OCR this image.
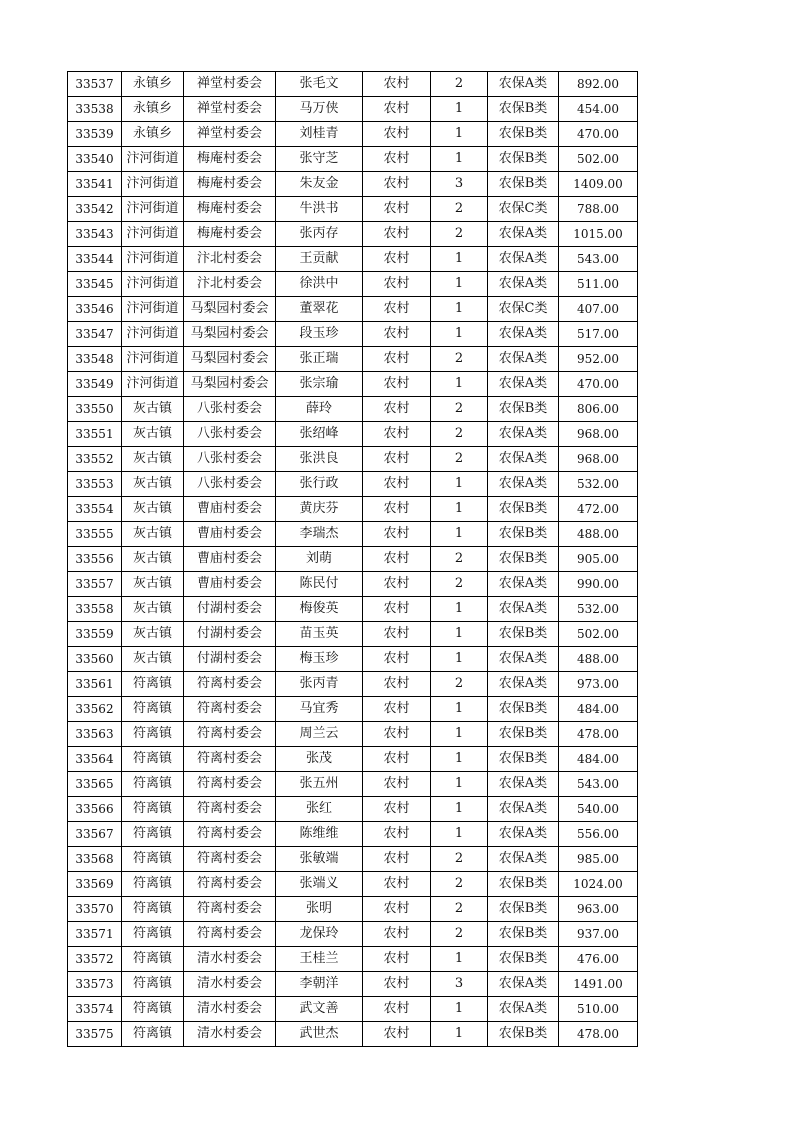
33537	永镇乡	禅堂村委会	张毛文	农村	2	农保A类	892.00
33538	永镇乡	禅堂村委会	马万侠	农村	1	农保B类	454.00
33539	永镇乡	禅堂村委会	刘桂青	农村	1	农保B类	470.00
33540	汴河街道	梅庵村委会	张守芝	农村	1	农保B类	502.00
33541	汴河街道	梅庵村委会	朱友金	农村	3	农保B类	1409.00
33542	汴河街道	梅庵村委会	牛洪书	农村	2	农保C类	788.00
33543	汴河街道	梅庵村委会	张丙存	农村	2	农保A类	1015.00
33544	汴河街道	汴北村委会	王贡献	农村	1	农保A类	543.00
33545	汴河街道	汴北村委会	徐洪中	农村	1	农保A类	511.00
33546	汴河街道	马梨园村委会	董翠花	农村	1	农保C类	407.00
33547	汴河街道	马梨园村委会	段玉珍	农村	1	农保A类	517.00
33548	汴河街道	马梨园村委会	张正瑞	农村	2	农保A类	952.00
33549	汴河街道	马梨园村委会	张宗瑜	农村	1	农保A类	470.00
33550	灰古镇	八张村委会	薛玲	农村	2	农保B类	806.00
33551	灰古镇	八张村委会	张绍峰	农村	2	农保A类	968.00
33552	灰古镇	八张村委会	张洪良	农村	2	农保A类	968.00
33553	灰古镇	八张村委会	张行政	农村	1	农保A类	532.00
33554	灰古镇	曹庙村委会	黄庆芬	农村	1	农保B类	472.00
33555	灰古镇	曹庙村委会	李瑞杰	农村	1	农保B类	488.00
33556	灰古镇	曹庙村委会	刘萌	农村	2	农保B类	905.00
33557	灰古镇	曹庙村委会	陈民付	农村	2	农保A类	990.00
33558	灰古镇	付湖村委会	梅俊英	农村	1	农保A类	532.00
33559	灰古镇	付湖村委会	苗玉英	农村	1	农保B类	502.00
33560	灰古镇	付湖村委会	梅玉珍	农村	1	农保A类	488.00
33561	符离镇	符离村委会	张丙青	农村	2	农保A类	973.00
33562	符离镇	符离村委会	马宜秀	农村	1	农保B类	484.00
33563	符离镇	符离村委会	周兰云	农村	1	农保B类	478.00
33564	符离镇	符离村委会	张茂	农村	1	农保B类	484.00
33565	符离镇	符离村委会	张五州	农村	1	农保A类	543.00
33566	符离镇	符离村委会	张红	农村	1	农保A类	540.00
33567	符离镇	符离村委会	陈维维	农村	1	农保A类	556.00
33568	符离镇	符离村委会	张敏端	农村	2	农保A类	985.00
33569	符离镇	符离村委会	张端义	农村	2	农保B类	1024.00
33570	符离镇	符离村委会	张明	农村	2	农保B类	963.00
33571	符离镇	符离村委会	龙保玲	农村	2	农保B类	937.00
33572	符离镇	清水村委会	王桂兰	农村	1	农保B类	476.00
33573	符离镇	清水村委会	李朝洋	农村	3	农保A类	1491.00
33574	符离镇	清水村委会	武文善	农村	1	农保A类	510.00
33575	符离镇	清水村委会	武世杰	农村	1	农保B类	478.00
